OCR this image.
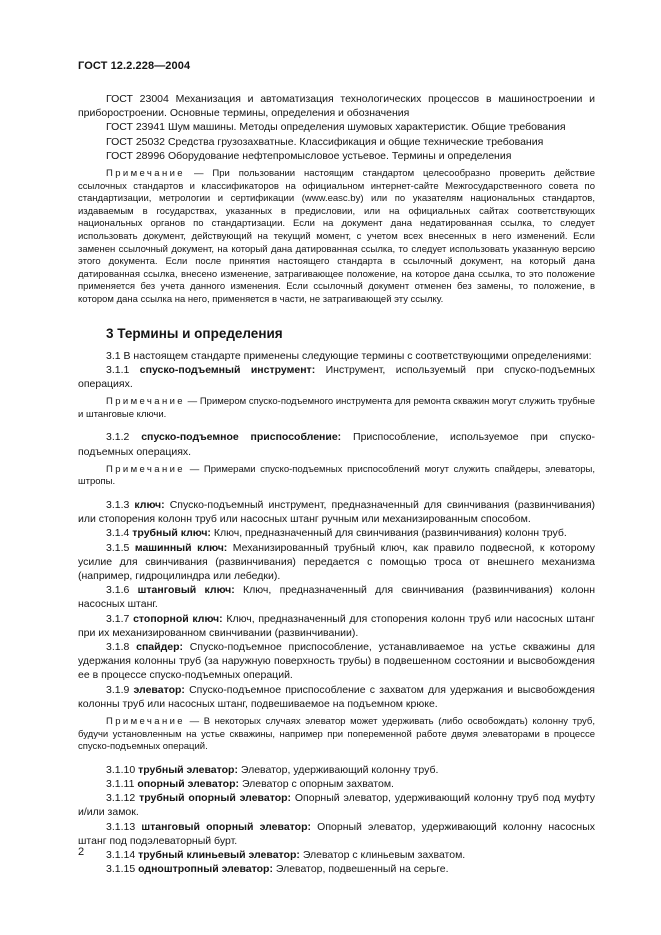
ГОСТ 12.2.228—2004

ГОСТ 23004 Механизация и автоматизация технологических процессов в машиностроении и приборостроении. Основные термины, определения и обозначения

ГОСТ 23941 Шум машины. Методы определения шумовых характеристик. Общие требования

ГОСТ 25032 Средства грузозахватные. Классификация и общие технические требования

ГОСТ 28996 Оборудование нефтепромысловое устьевое. Термины и определения

Примечание — При пользовании настоящим стандартом целесообразно проверить действие ссылочных стандартов и классификаторов на официальном интернет-сайте Межгосударственного совета по стандартизации, метрологии и сертификации (www.easc.by) или по указателям национальных стандартов, издаваемым в государствах, указанных в предисловии, или на официальных сайтах соответствующих национальных органов по стандартизации. Если на документ дана недатированная ссылка, то следует использовать документ, действующий на текущий момент, с учетом всех внесенных в него изменений. Если заменен ссылочный документ, на который дана датированная ссылка, то следует использовать указанную версию этого документа. Если после принятия настоящего стандарта в ссылочный документ, на который дана датированная ссылка, внесено изменение, затрагивающее положение, на которое дана ссылка, то это положение применяется без учета данного изменения. Если ссылочный документ отменен без замены, то положение, в котором дана ссылка на него, применяется в части, не затрагивающей эту ссылку.

3 Термины и определения

3.1 В настоящем стандарте применены следующие термины с соответствующими определениями:

3.1.1 спуско-подъемный инструмент: Инструмент, используемый при спуско-подъемных операциях.

Примечание — Примером спуско-подъемного инструмента для ремонта скважин могут служить трубные и штанговые ключи.

3.1.2 спуско-подъемное приспособление: Приспособление, используемое при спуско-подъемных операциях.

Примечание — Примерами спуско-подъемных приспособлений могут служить спайдеры, элеваторы, штропы.

3.1.3 ключ: Спуско-подъемный инструмент, предназначенный для свинчивания (развинчивания) или стопорения колонн труб или насосных штанг ручным или механизированным способом.

3.1.4 трубный ключ: Ключ, предназначенный для свинчивания (развинчивания) колонн труб.

3.1.5 машинный ключ: Механизированный трубный ключ, как правило подвесной, к которому усилие для свинчивания (развинчивания) передается с помощью троса от внешнего механизма (например, гидроцилиндра или лебедки).

3.1.6 штанговый ключ: Ключ, предназначенный для свинчивания (развинчивания) колонн насосных штанг.

3.1.7 стопорной ключ: Ключ, предназначенный для стопорения колонн труб или насосных штанг при их механизированном свинчивании (развинчивании).

3.1.8 спайдер: Спуско-подъемное приспособление, устанавливаемое на устье скважины для удержания колонны труб (за наружную поверхность трубы) в подвешенном состоянии и высвобождения ее в процессе спуско-подъемных операций.

3.1.9 элеватор: Спуско-подъемное приспособление с захватом для удержания и высвобождения колонны труб или насосных штанг, подвешиваемое на подъемном крюке.

Примечание — В некоторых случаях элеватор может удерживать (либо освобождать) колонну труб, будучи установленным на устье скважины, например при попеременной работе двумя элеваторами в процессе спуско-подъемных операций.

3.1.10 трубный элеватор: Элеватор, удерживающий колонну труб.

3.1.11 опорный элеватор: Элеватор с опорным захватом.

3.1.12 трубный опорный элеватор: Опорный элеватор, удерживающий колонну труб под муфту и/или замок.

3.1.13 штанговый опорный элеватор: Опорный элеватор, удерживающий колонну насосных штанг под подэлеваторный бурт.

3.1.14 трубный клиньевый элеватор: Элеватор с клиньевым захватом.

3.1.15 одноштропный элеватор: Элеватор, подвешенный на серьге.

2
